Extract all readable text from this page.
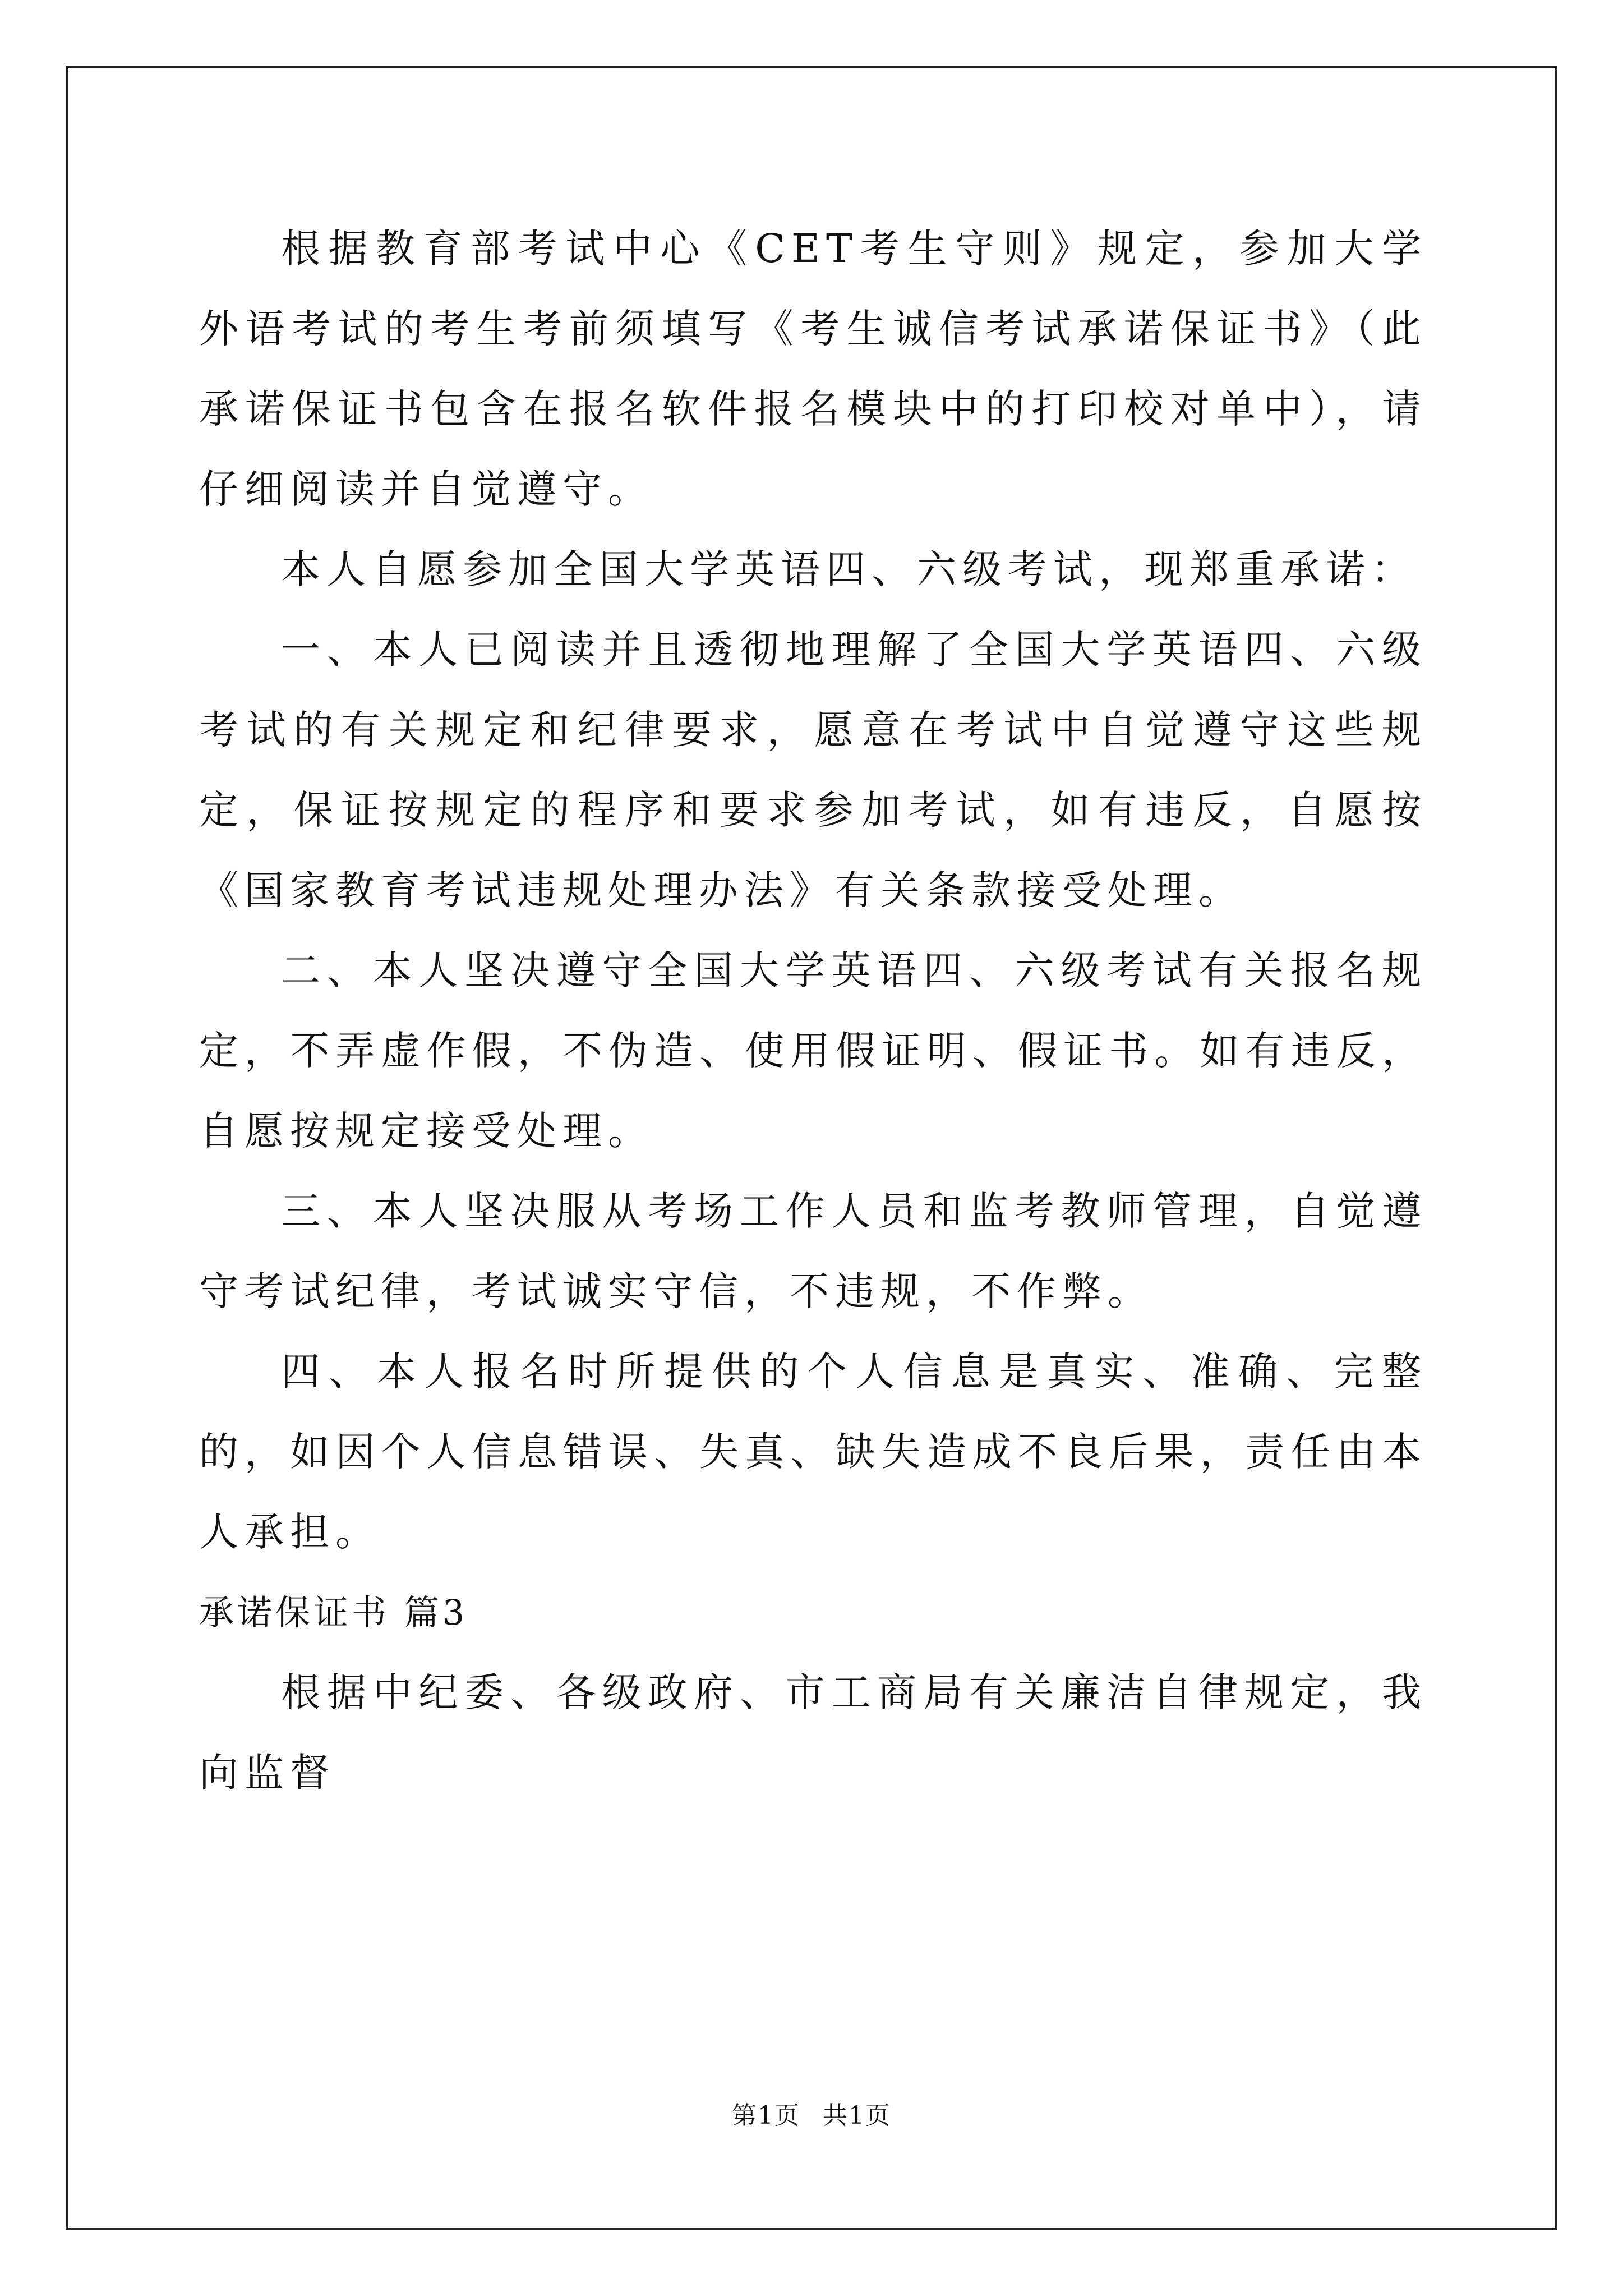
根据教育部考试中心《CET考生守则》规定，参加大学外语考试的考生考前须填写《考生诚信考试承诺保证书》（此承诺保证书包含在报名软件报名模块中的打印校对单中），请仔细阅读并自觉遵守。

本人自愿参加全国大学英语四、六级考试，现郑重承诺：

一、本人已阅读并且透彻地理解了全国大学英语四、六级考试的有关规定和纪律要求，愿意在考试中自觉遵守这些规定，保证按规定的程序和要求参加考试，如有违反，自愿按《国家教育考试违规处理办法》有关条款接受处理。

二、本人坚决遵守全国大学英语四、六级考试有关报名规定，不弄虚作假，不伪造、使用假证明、假证书。如有违反，自愿按规定接受处理。

三、本人坚决服从考场工作人员和监考教师管理，自觉遵守考试纪律，考试诚实守信，不违规，不作弊。

四、本人报名时所提供的个人信息是真实、准确、完整的，如因个人信息错误、失真、缺失造成不良后果，责任由本人承担。

承诺保证书 篇3

根据中纪委、各级政府、市工商局有关廉洁自律规定，我向监督

第1页 共1页
